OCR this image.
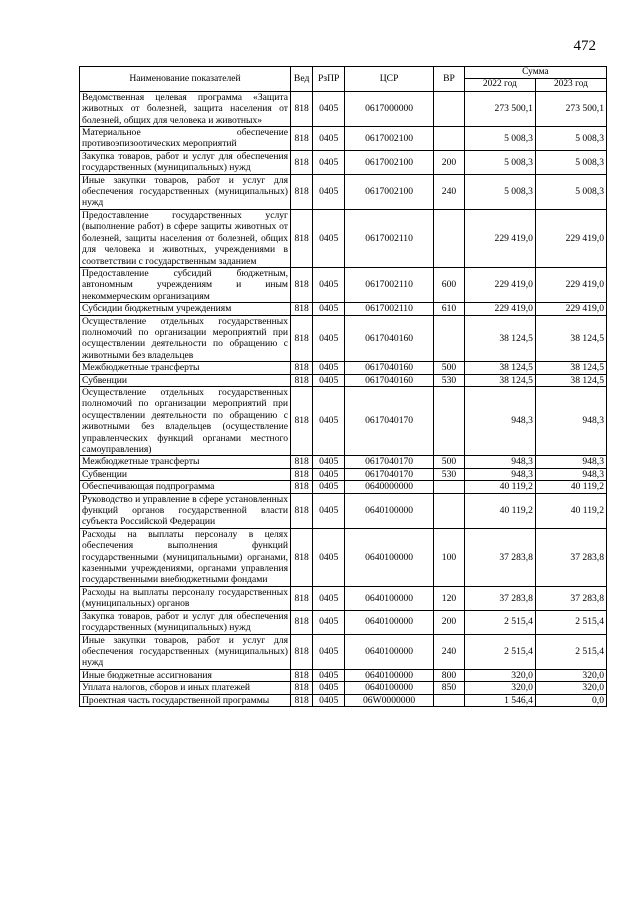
472
Наименование показателей	Вед	РзПР	ЦСР	ВР	Сумма	
					2022 год	2023 год
Ведомственная целевая программа «Защита животных от болезней, защита населения от болезней, общих для человека и животных»	818	0405	0617000000		273 500,1	273 500,1
Материальное обеспечение противоэпизоотических мероприятий	818	0405	0617002100		5 008,3	5 008,3
Закупка товаров, работ и услуг для обеспечения государственных (муниципальных) нужд	818	0405	0617002100	200	5 008,3	5 008,3
Иные закупки товаров, работ и услуг для обеспечения государственных (муниципальных) нужд	818	0405	0617002100	240	5 008,3	5 008,3
Предоставление государственных услуг (выполнение работ) в сфере защиты животных от болезней, защиты населения от болезней, общих для человека и животных, учреждениями в соответствии с государственным заданием	818	0405	0617002110		229 419,0	229 419,0
Предоставление субсидий бюджетным, автономным учреждениям и иным некоммерческим организациям	818	0405	0617002110	600	229 419,0	229 419,0
Субсидии бюджетным учреждениям	818	0405	0617002110	610	229 419,0	229 419,0
Осуществление отдельных государственных полномочий по организации мероприятий при осуществлении деятельности по обращению с животными без владельцев	818	0405	0617040160		38 124,5	38 124,5
Межбюджетные трансферты	818	0405	0617040160	500	38 124,5	38 124,5
Субвенции	818	0405	0617040160	530	38 124,5	38 124,5
Осуществление отдельных государственных полномочий по организации мероприятий при осуществлении деятельности по обращению с животными без владельцев (осуществление управленческих функций органами местного самоуправления)	818	0405	0617040170		948,3	948,3
Межбюджетные трансферты	818	0405	0617040170	500	948,3	948,3
Субвенции	818	0405	0617040170	530	948,3	948,3
Обеспечивающая подпрограмма	818	0405	0640000000		40 119,2	40 119,2
Руководство и управление в сфере установленных функций органов государственной власти субъекта Российской Федерации	818	0405	0640100000		40 119,2	40 119,2
Расходы на выплаты персоналу в целях обеспечения выполнения функций государственными (муниципальными) органами, казенными учреждениями, органами управления государственными внебюджетными фондами	818	0405	0640100000	100	37 283,8	37 283,8
Расходы на выплаты персоналу государственных (муниципальных) органов	818	0405	0640100000	120	37 283,8	37 283,8
Закупка товаров, работ и услуг для обеспечения государственных (муниципальных) нужд	818	0405	0640100000	200	2 515,4	2 515,4
Иные закупки товаров, работ и услуг для обеспечения государственных (муниципальных) нужд	818	0405	0640100000	240	2 515,4	2 515,4
Иные бюджетные ассигнования	818	0405	0640100000	800	320,0	320,0
Уплата налогов, сборов и иных платежей	818	0405	0640100000	850	320,0	320,0
Проектная часть государственной программы	818	0405	06W0000000		1 546,4	0,0
